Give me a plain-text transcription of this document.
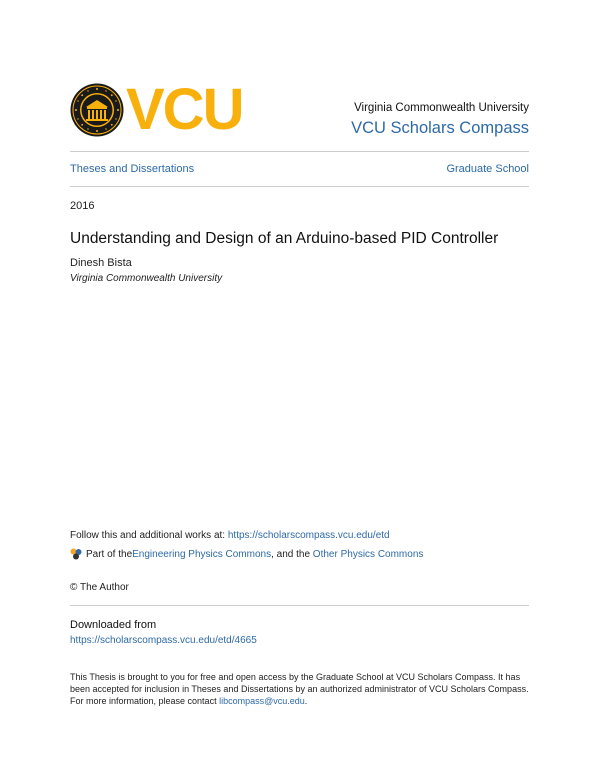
VCU	Virginia Commonwealth University
VCU Scholars Compass
Theses and Dissertations	Graduate School
2016
Understanding and Design of an Arduino-based PID Controller
Dinesh Bista
Virginia Commonwealth University
Follow this and additional works at: https://scholarscompass.vcu.edu/etd
Part of the Engineering Physics Commons , and the Other Physics Commons
© The Author
Downloaded from
https://scholarscompass.vcu.edu/etd/4665
This Thesis is brought to you for free and open access by the Graduate School at VCU Scholars Compass. It has
been accepted for inclusion in Theses and Dissertations by an authorized administrator of VCU Scholars Compass.
For more information, please contact libcompass@vcu.edu.
